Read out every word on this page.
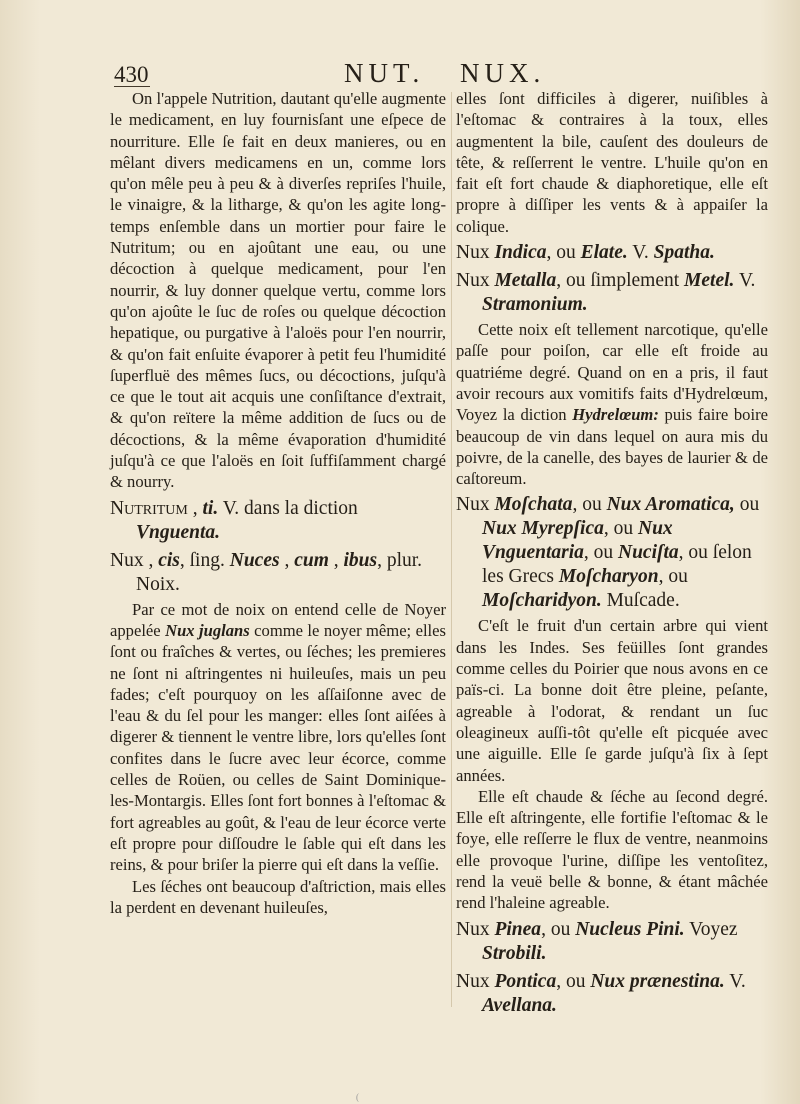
430	NUT. NUX.

On l'appele Nutrition, dautant qu'elle augmente le medicament, en luy fournisſant une eſpece de nourriture. Elle ſe fait en deux manieres, ou en mêlant divers medicamens en un, comme lors qu'on mêle peu à peu & à diverſes repriſes l'huile, le vinaigre, & la litharge, & qu'on les agite long-temps enſemble dans un mortier pour faire le Nutritum; ou en ajoûtant une eau, ou une décoction à quelque medicament, pour l'en nourrir, & luy donner quelque vertu, comme lors qu'on ajoûte le ſuc de roſes ou quelque décoction hepatique, ou purgative à l'aloës pour l'en nourrir, & qu'on fait enſuite évaporer à petit feu l'humidité ſuperfluë des mêmes ſucs, ou décoctions, juſqu'à ce que le tout ait acquis une conſiſtance d'extrait, & qu'on reïtere la même addition de ſucs ou de décoctions, & la même évaporation d'humidité juſqu'à ce que l'aloës en ſoit ſuffiſamment chargé & nourry.

Nutritum , ti. V. dans la diction Vnguenta.

Nux , cis, ſing. Nuces , cum , ibus, plur. Noix.

Par ce mot de noix on entend celle de Noyer appelée Nux juglans comme le noyer même; elles ſont ou fraîches & vertes, ou ſéches; les premieres ne ſont ni aſtringentes ni huileuſes, mais un peu fades; c'eſt pourquoy on les aſſaiſonne avec de l'eau & du ſel pour les manger: elles ſont aiſées à digerer & tiennent le ventre libre, lors qu'elles ſont confites dans le ſucre avec leur écorce, comme celles de Roüen, ou celles de Saint Dominique-les-Montargis. Elles ſont fort bonnes à l'eſtomac & fort agreables au goût, & l'eau de leur écorce verte eſt propre pour diſſoudre le ſable qui eſt dans les reins, & pour briſer la pierre qui eſt dans la veſſie.

Les ſéches ont beaucoup d'aſtriction, mais elles la perdent en devenant huileuſes,

elles ſont difficiles à digerer, nuiſibles à l'eſtomac & contraires à la toux, elles augmentent la bile, cauſent des douleurs de tête, & reſſerrent le ventre. L'huile qu'on en fait eſt fort chaude & diaphoretique, elle eſt propre à diſſiper les vents & à appaiſer la colique.

Nux Indica, ou Elate. V. Spatha.

Nux Metalla, ou ſimplement Metel. V. Stramonium.

Cette noix eſt tellement narcotique, qu'elle paſſe pour poiſon, car elle eſt froide au quatriéme degré. Quand on en a pris, il faut avoir recours aux vomitifs faits d'Hydrelœum, Voyez la diction Hydrelœum: puis faire boire beaucoup de vin dans lequel on aura mis du poivre, de la canelle, des bayes de laurier & de caſtoreum.

Nux Moſchata, ou Nux Aromatica, ou Nux Myrepſica, ou Nux Vnguentaria, ou Nuciſta, ou ſelon les Grecs Moſcharyon, ou Moſcharidyon. Muſcade.

C'eſt le fruit d'un certain arbre qui vient dans les Indes. Ses feüilles ſont grandes comme celles du Poirier que nous avons en ce païs-ci. La bonne doit être pleine, peſante, agreable à l'odorat, & rendant un ſuc oleagineux auſſi-tôt qu'elle eſt picquée avec une aiguille. Elle ſe garde juſqu'à ſix à ſept années.

Elle eſt chaude & ſéche au ſecond degré. Elle eſt aſtringente, elle fortifie l'eſtomac & le foye, elle reſſerre le flux de ventre, neanmoins elle provoque l'urine, diſſipe les ventoſitez, rend la veuë belle & bonne, & étant mâchée rend l'haleine agreable.

Nux Pinea, ou Nucleus Pini. Voyez Strobili.

Nux Pontica, ou Nux prænestina. V. Avellana.

(
